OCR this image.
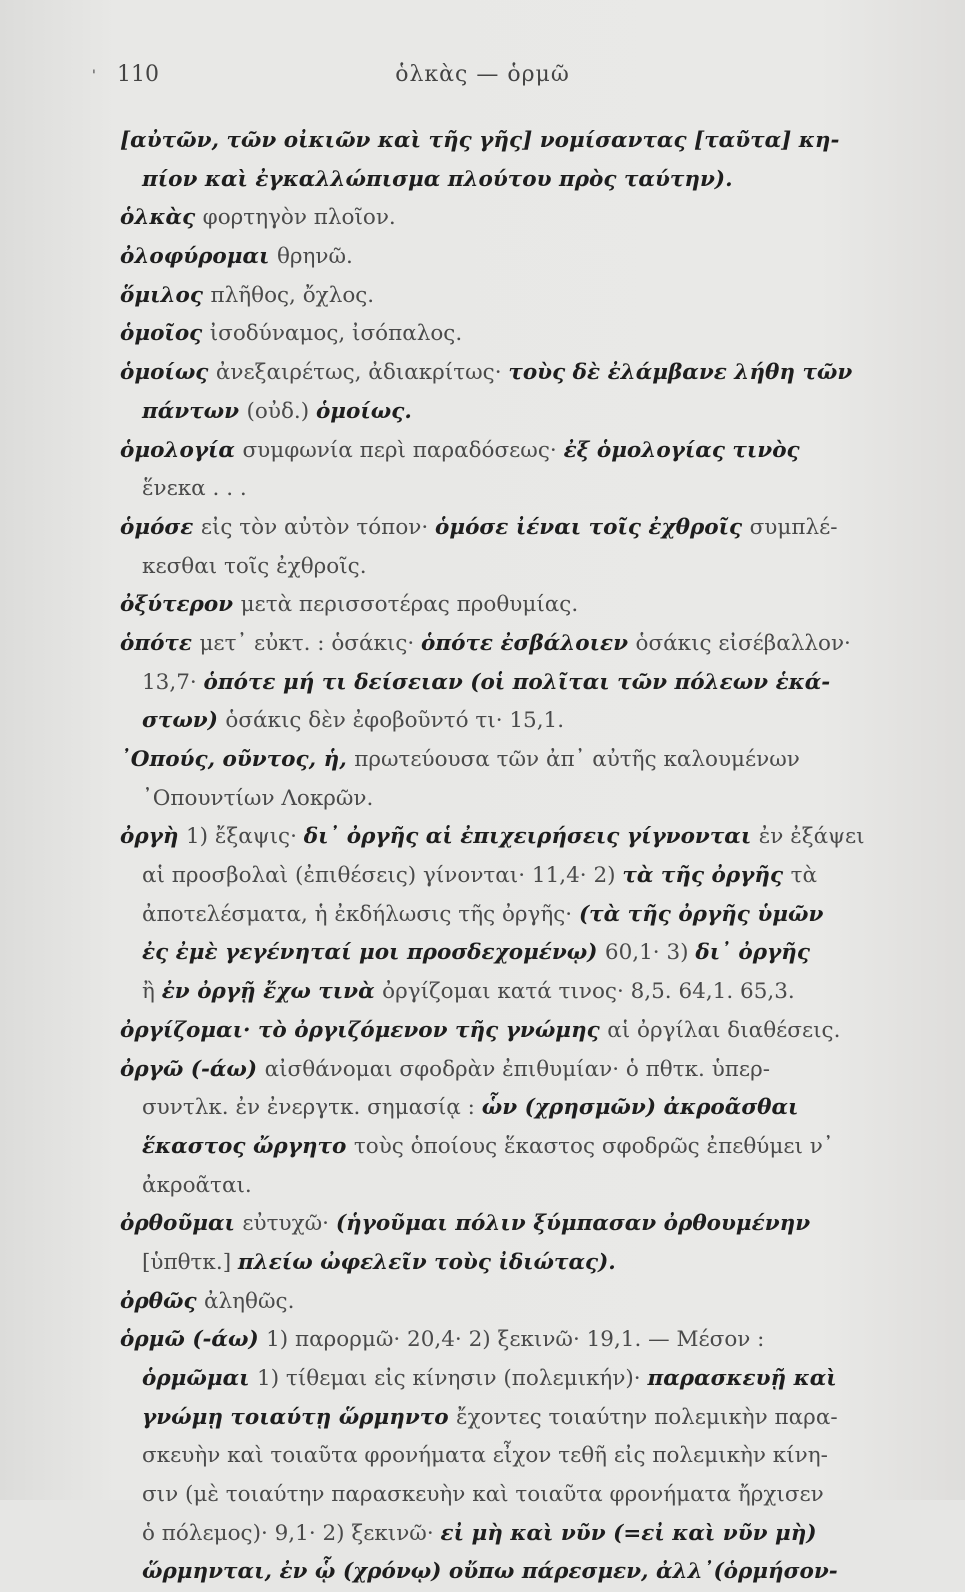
' 110	ὁλκὰς — ὁρμῶ
[αὐτῶν, τῶν οἰκιῶν καὶ τῆς γῆς] νομίσαντας [ταῦτα] κη-
πίον καὶ ἐγκαλλώπισμα πλούτου πρὸς ταύτην).
ὁλκὰς φορτηγὸν πλοῖον.
ὀλοφύρομαι θρηνῶ.
ὅμιλος πλῆθος, ὄχλος.
ὁμοῖος ἰσοδύναμος, ἰσόπαλος.
ὁμοίως ἀνεξαιρέτως, ἀδιακρίτως· τοὺς δὲ ἐλάμβανε λήθη τῶν
πάντων (οὐδ.) ὁμοίως.
ὁμολογία συμφωνία περὶ παραδόσεως· ἐξ ὁμολογίας τινὸς
ἕνεκα . . .
ὁμόσε εἰς τὸν αὐτὸν τόπον· ὁμόσε ἰέναι τοῖς ἐχθροῖς συμπλέ-
κεσθαι τοῖς ἐχθροῖς.
ὀξύτερον μετὰ περισσοτέρας προθυμίας.
ὁπότε μετ᾽ εὐκτ. : ὁσάκις· ὁπότε ἐσβάλοιεν ὁσάκις εἰσέβαλλον·
13,7· ὁπότε μή τι δείσειαν (οἱ πολῖται τῶν πόλεων ἑκά-
στων) ὁσάκις δὲν ἐφοβοῦντό τι· 15,1.
᾽Οπούς, οῦντος, ἡ, πρωτεύουσα τῶν ἀπ᾽ αὐτῆς καλουμένων
᾽Οπουντίων Λοκρῶν.
ὀργὴ 1) ἔξαψις· δι᾽ ὀργῆς αἱ ἐπιχειρήσεις γίγνονται ἐν ἐξάψει
αἱ προσβολαὶ (ἐπιθέσεις) γίνονται· 11,4· 2) τὰ τῆς ὀργῆς τὰ
ἀποτελέσματα, ἡ ἐκδήλωσις τῆς ὀργῆς· (τὰ τῆς ὀργῆς ὑμῶν
ἐς ἐμὲ γεγένηταί μοι προσδεχομένῳ) 60,1· 3) δι᾽ ὀργῆς
ἢ ἐν ὀργῇ ἔχω τινὰ ὀργίζομαι κατά τινος· 8,5. 64,1. 65,3.
ὀργίζομαι· τὸ ὀργιζόμενον τῆς γνώμης αἱ ὀργίλαι διαθέσεις.
ὀργῶ (-άω) αἰσθάνομαι σφοδρὰν ἐπιθυμίαν· ὁ πθτκ. ὑπερ-
συντλκ. ἐν ἐνεργτκ. σημασίᾳ : ὧν (χρησμῶν) ἀκροᾶσθαι
ἕκαστος ὤργητο τοὺς ὁποίους ἕκαστος σφοδρῶς ἐπεθύμει ν᾽
ἀκροᾶται.
ὀρθοῦμαι εὐτυχῶ· (ἡγοῦμαι πόλιν ξύμπασαν ὀρθουμένην
[ὑπθτκ.] πλείω ὠφελεῖν τοὺς ἰδιώτας).
ὀρθῶς ἀληθῶς.
ὁρμῶ (-άω) 1) παρορμῶ· 20,4· 2) ξεκινῶ· 19,1. — Μέσον :
ὁρμῶμαι 1) τίθεμαι εἰς κίνησιν (πολεμικήν)· παρασκευῇ καὶ
γνώμῃ τοιαύτῃ ὥρμηντο ἔχοντες τοιαύτην πολεμικὴν παρα-
σκευὴν καὶ τοιαῦτα φρονήματα εἶχον τεθῆ εἰς πολεμικὴν κίνη-
σιν (μὲ τοιαύτην παρασκευὴν καὶ τοιαῦτα φρονήματα ἤρχισεν
ὁ πόλεμος)· 9,1· 2) ξεκινῶ· εἰ μὴ καὶ νῦν (=εἰ καὶ νῦν μὴ)
ὥρμηνται, ἐν ᾧ (χρόνῳ) οὔπω πάρεσμεν, ἀλλ᾽(ὁρμήσον-
